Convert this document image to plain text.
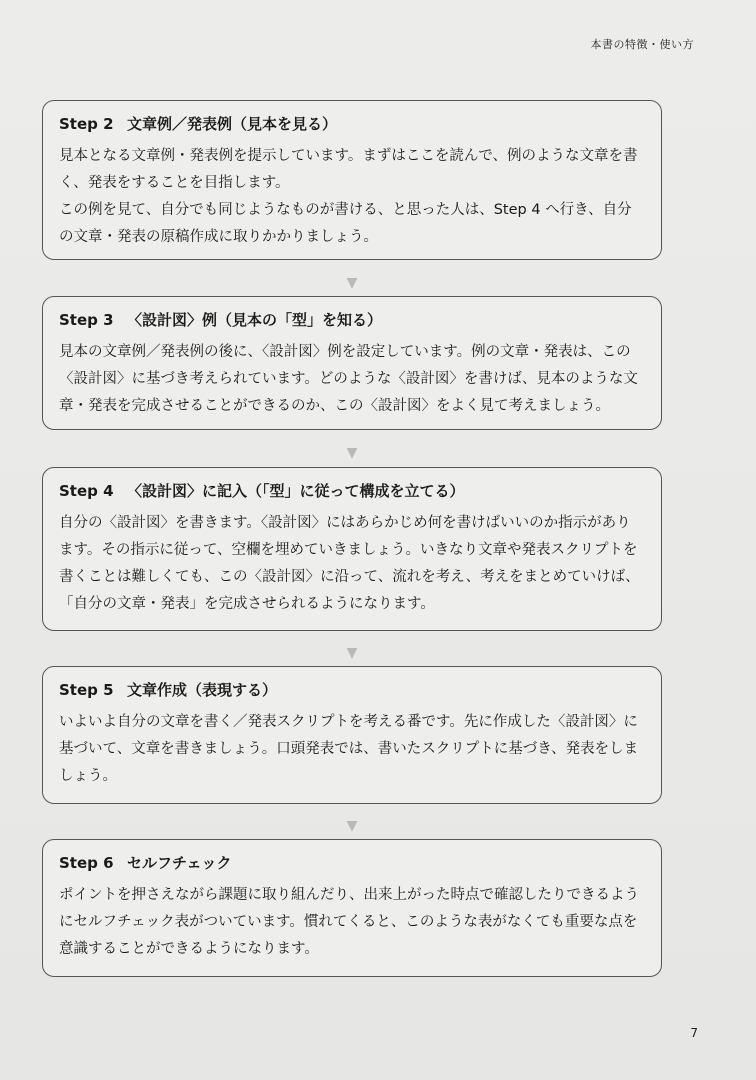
本書の特徴・使い方
Step 2 文章例／発表例（見本を見る）

見本となる文章例・発表例を提示しています。まずはここを読んで、例のような文章を書く、発表をすることを目指します。

この例を見て、自分でも同じようなものが書ける、と思った人は、Step 4 へ行き、自分の文章・発表の原稿作成に取りかかりましょう。

▼
Step 3 〈設計図〉例（見本の「型」を知る）

見本の文章例／発表例の後に、〈設計図〉例を設定しています。例の文章・発表は、この〈設計図〉に基づき考えられています。どのような〈設計図〉を書けば、見本のような文章・発表を完成させることができるのか、この〈設計図〉をよく見て考えましょう。

▼
Step 4 〈設計図〉に記入（「型」に従って構成を立てる）

自分の〈設計図〉を書きます。〈設計図〉にはあらかじめ何を書けばいいのか指示があります。その指示に従って、空欄を埋めていきましょう。いきなり文章や発表スクリプトを書くことは難しくても、この〈設計図〉に沿って、流れを考え、考えをまとめていけば、「自分の文章・発表」を完成させられるようになります。

▼
Step 5 文章作成（表現する）

いよいよ自分の文章を書く／発表スクリプトを考える番です。先に作成した〈設計図〉に基づいて、文章を書きましょう。口頭発表では、書いたスクリプトに基づき、発表をしましょう。

▼
Step 6 セルフチェック

ポイントを押さえながら課題に取り組んだり、出来上がった時点で確認したりできるようにセルフチェック表がついています。慣れてくると、このような表がなくても重要な点を意識することができるようになります。

7
